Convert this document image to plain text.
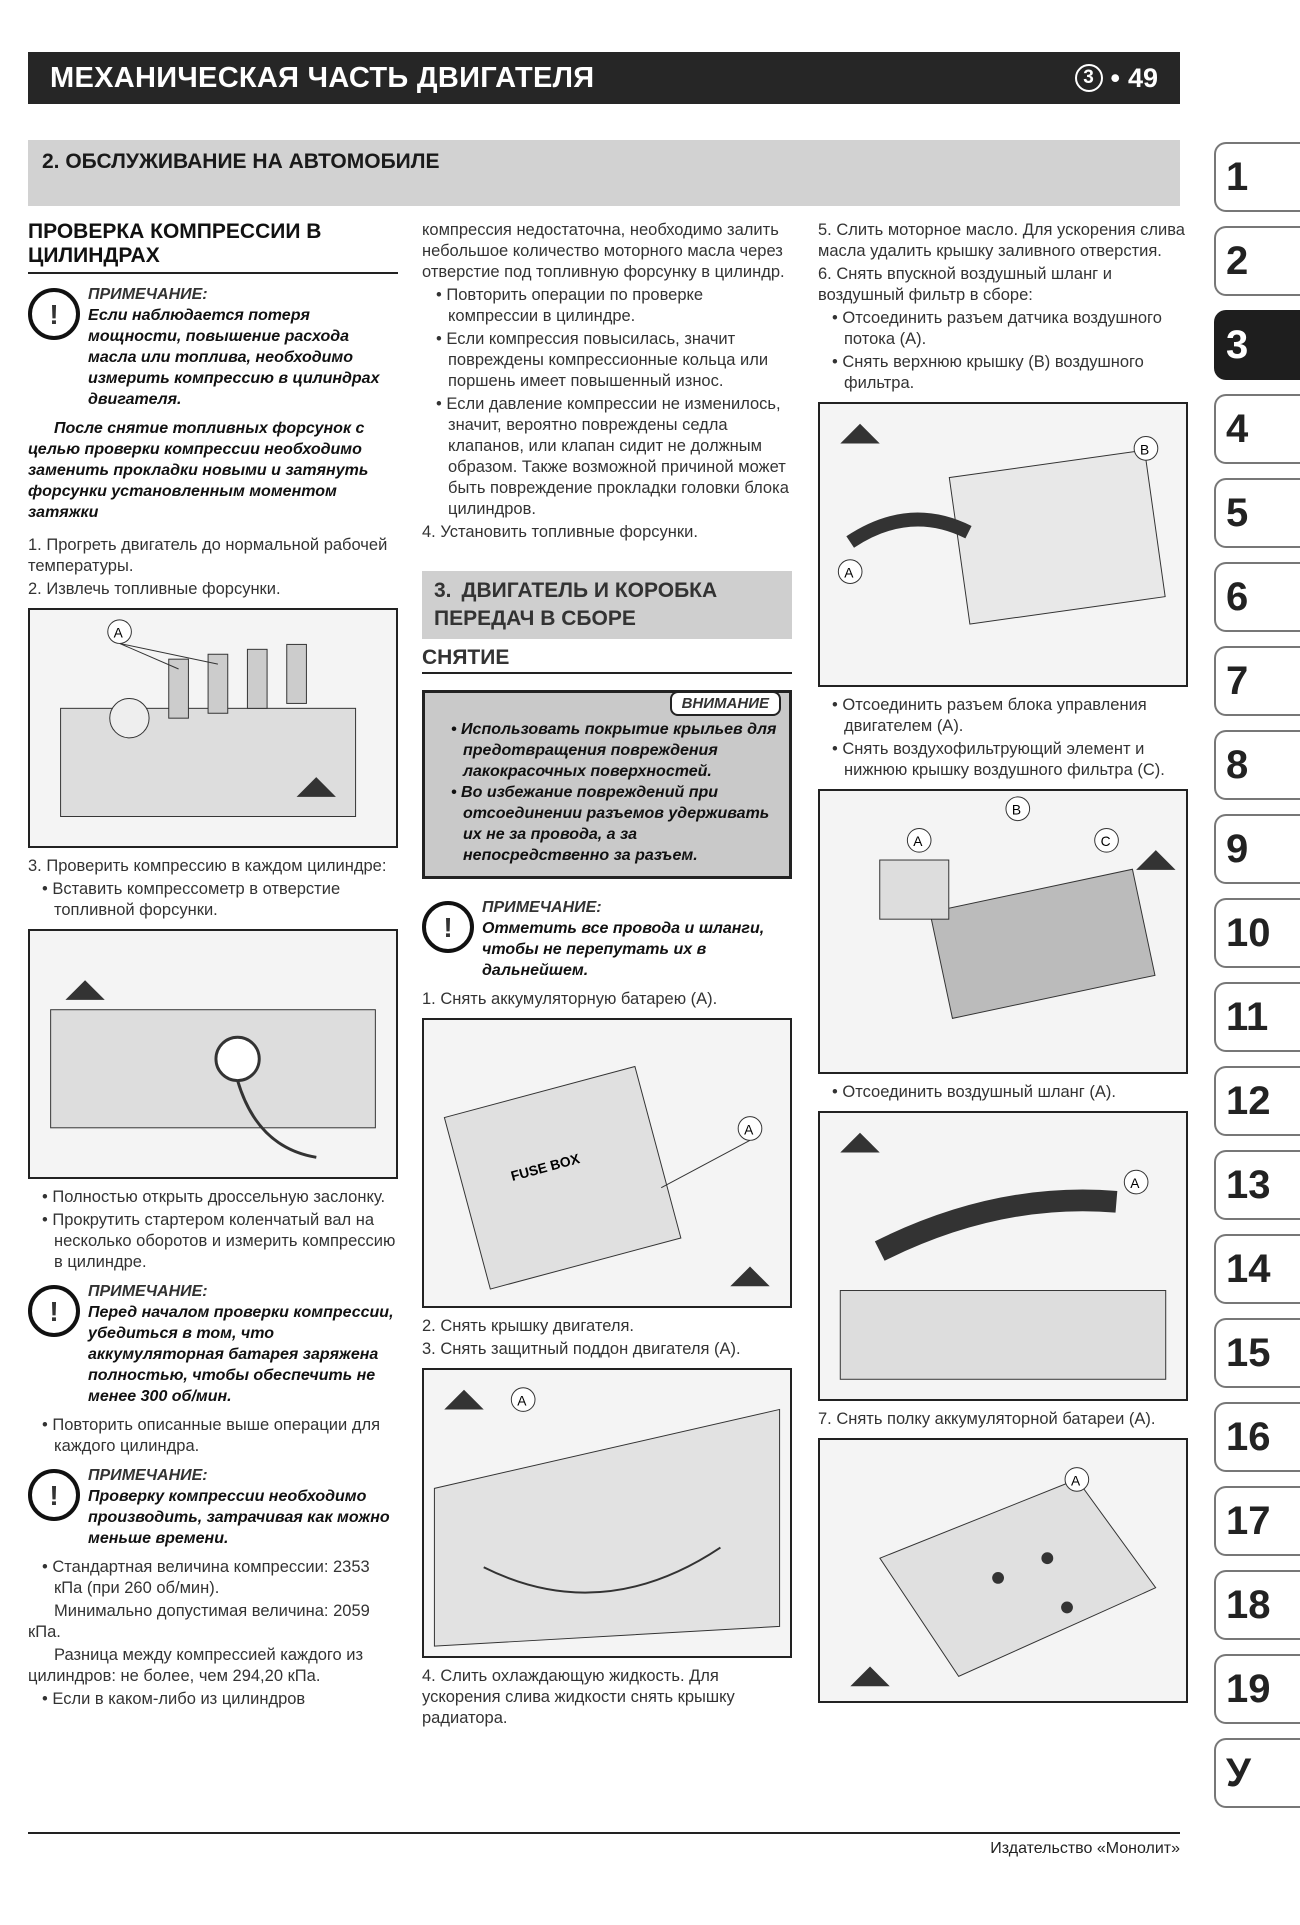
МЕХАНИЧЕСКАЯ ЧАСТЬ ДВИГАТЕЛЯ	3 • 49
2. ОБСЛУЖИВАНИЕ НА АВТОМОБИЛЕ
ПРОВЕРКА КОМПРЕССИИ В ЦИЛИНДРАХ
!
ПРИМЕЧАНИЕ:
Если наблюдается потеря мощности, повышение расхода масла или топлива, необходимо измерить компрессию в цилиндрах двигателя.
После снятие топливных форсунок с целью проверки компрессии необходимо заменить прокладки новыми и затянуть форсунки установленным моментом затяжки
1. Прогреть двигатель до нормальной рабочей температуры.
2. Извлечь топливные форсунки.
A
3. Проверить компрессию в каждом цилиндре:
• Вставить компрессометр в отверстие топливной форсунки.
• Полностью открыть дроссельную заслонку.
• Прокрутить стартером коленчатый вал на несколько оборотов и измерить компрессию в цилиндре.
!
ПРИМЕЧАНИЕ:
Перед началом проверки компрессии, убедиться в том, что аккумуляторная батарея заряжена полностью, чтобы обеспечить не менее 300 об/мин.
• Повторить описанные выше операции для каждого цилиндра.
!
ПРИМЕЧАНИЕ:
Проверку компрессии необходимо производить, затрачивая как можно меньше времени.
• Стандартная величина компрессии: 2353 кПа (при 260 об/мин).
Минимально допустимая величина: 2059 кПа.
Разница между компрессией каждого из цилиндров: не более, чем 294,20 кПа.
• Если в каком-либо из цилиндров
компрессия недостаточна, необходимо залить небольшое количество моторного масла через отверстие под топливную форсунку в цилиндр.
• Повторить операции по проверке компрессии в цилиндре.
• Если компрессия повысилась, значит повреждены компрессионные кольца или поршень имеет повышенный износ.
• Если давление компрессии не изменилось, значит, вероятно повреждены седла клапанов, или клапан сидит не должным образом. Также возможной причиной может быть повреждение прокладки головки блока цилиндров.
4. Установить топливные форсунки.
3. ДВИГАТЕЛЬ И КОРОБКА ПЕРЕДАЧ В СБОРЕ
СНЯТИЕ
ВНИМАНИЕ
• Использовать покрытие крыльев для предотвращения повреждения лакокрасочных поверхностей.
• Во избежание повреждений при отсоединении разъемов удерживать их не за провода, а за непосредственно за разъем.
!
ПРИМЕЧАНИЕ:
Отметить все провода и шланги, чтобы не перепутать их в дальнейшем.
1. Снять аккумуляторную батарею (A).
FUSE BOX
A
2. Снять крышку двигателя.
3. Снять защитный поддон двигателя (A).
A
4. Слить охлаждающую жидкость. Для ускорения слива жидкости снять крышку радиатора.
5. Слить моторное масло. Для ускорения слива масла удалить крышку заливного отверстия.
6. Снять впускной воздушный шланг и воздушный фильтр в сборе:
• Отсоединить разъем датчика воздушного потока (A).
• Снять верхнюю крышку (B) воздушного фильтра.
B
A
• Отсоединить разъем блока управления двигателем (A).
• Снять воздухофильтрующий элемент и нижнюю крышку воздушного фильтра (C).
A
B
C
• Отсоединить воздушный шланг (A).
A
7. Снять полку аккумуляторной батареи (A).
A
1
2
3
4
5
6
7
8
9
10
11
12
13
14
15
16
17
18
19
У
Издательство «Монолит»
